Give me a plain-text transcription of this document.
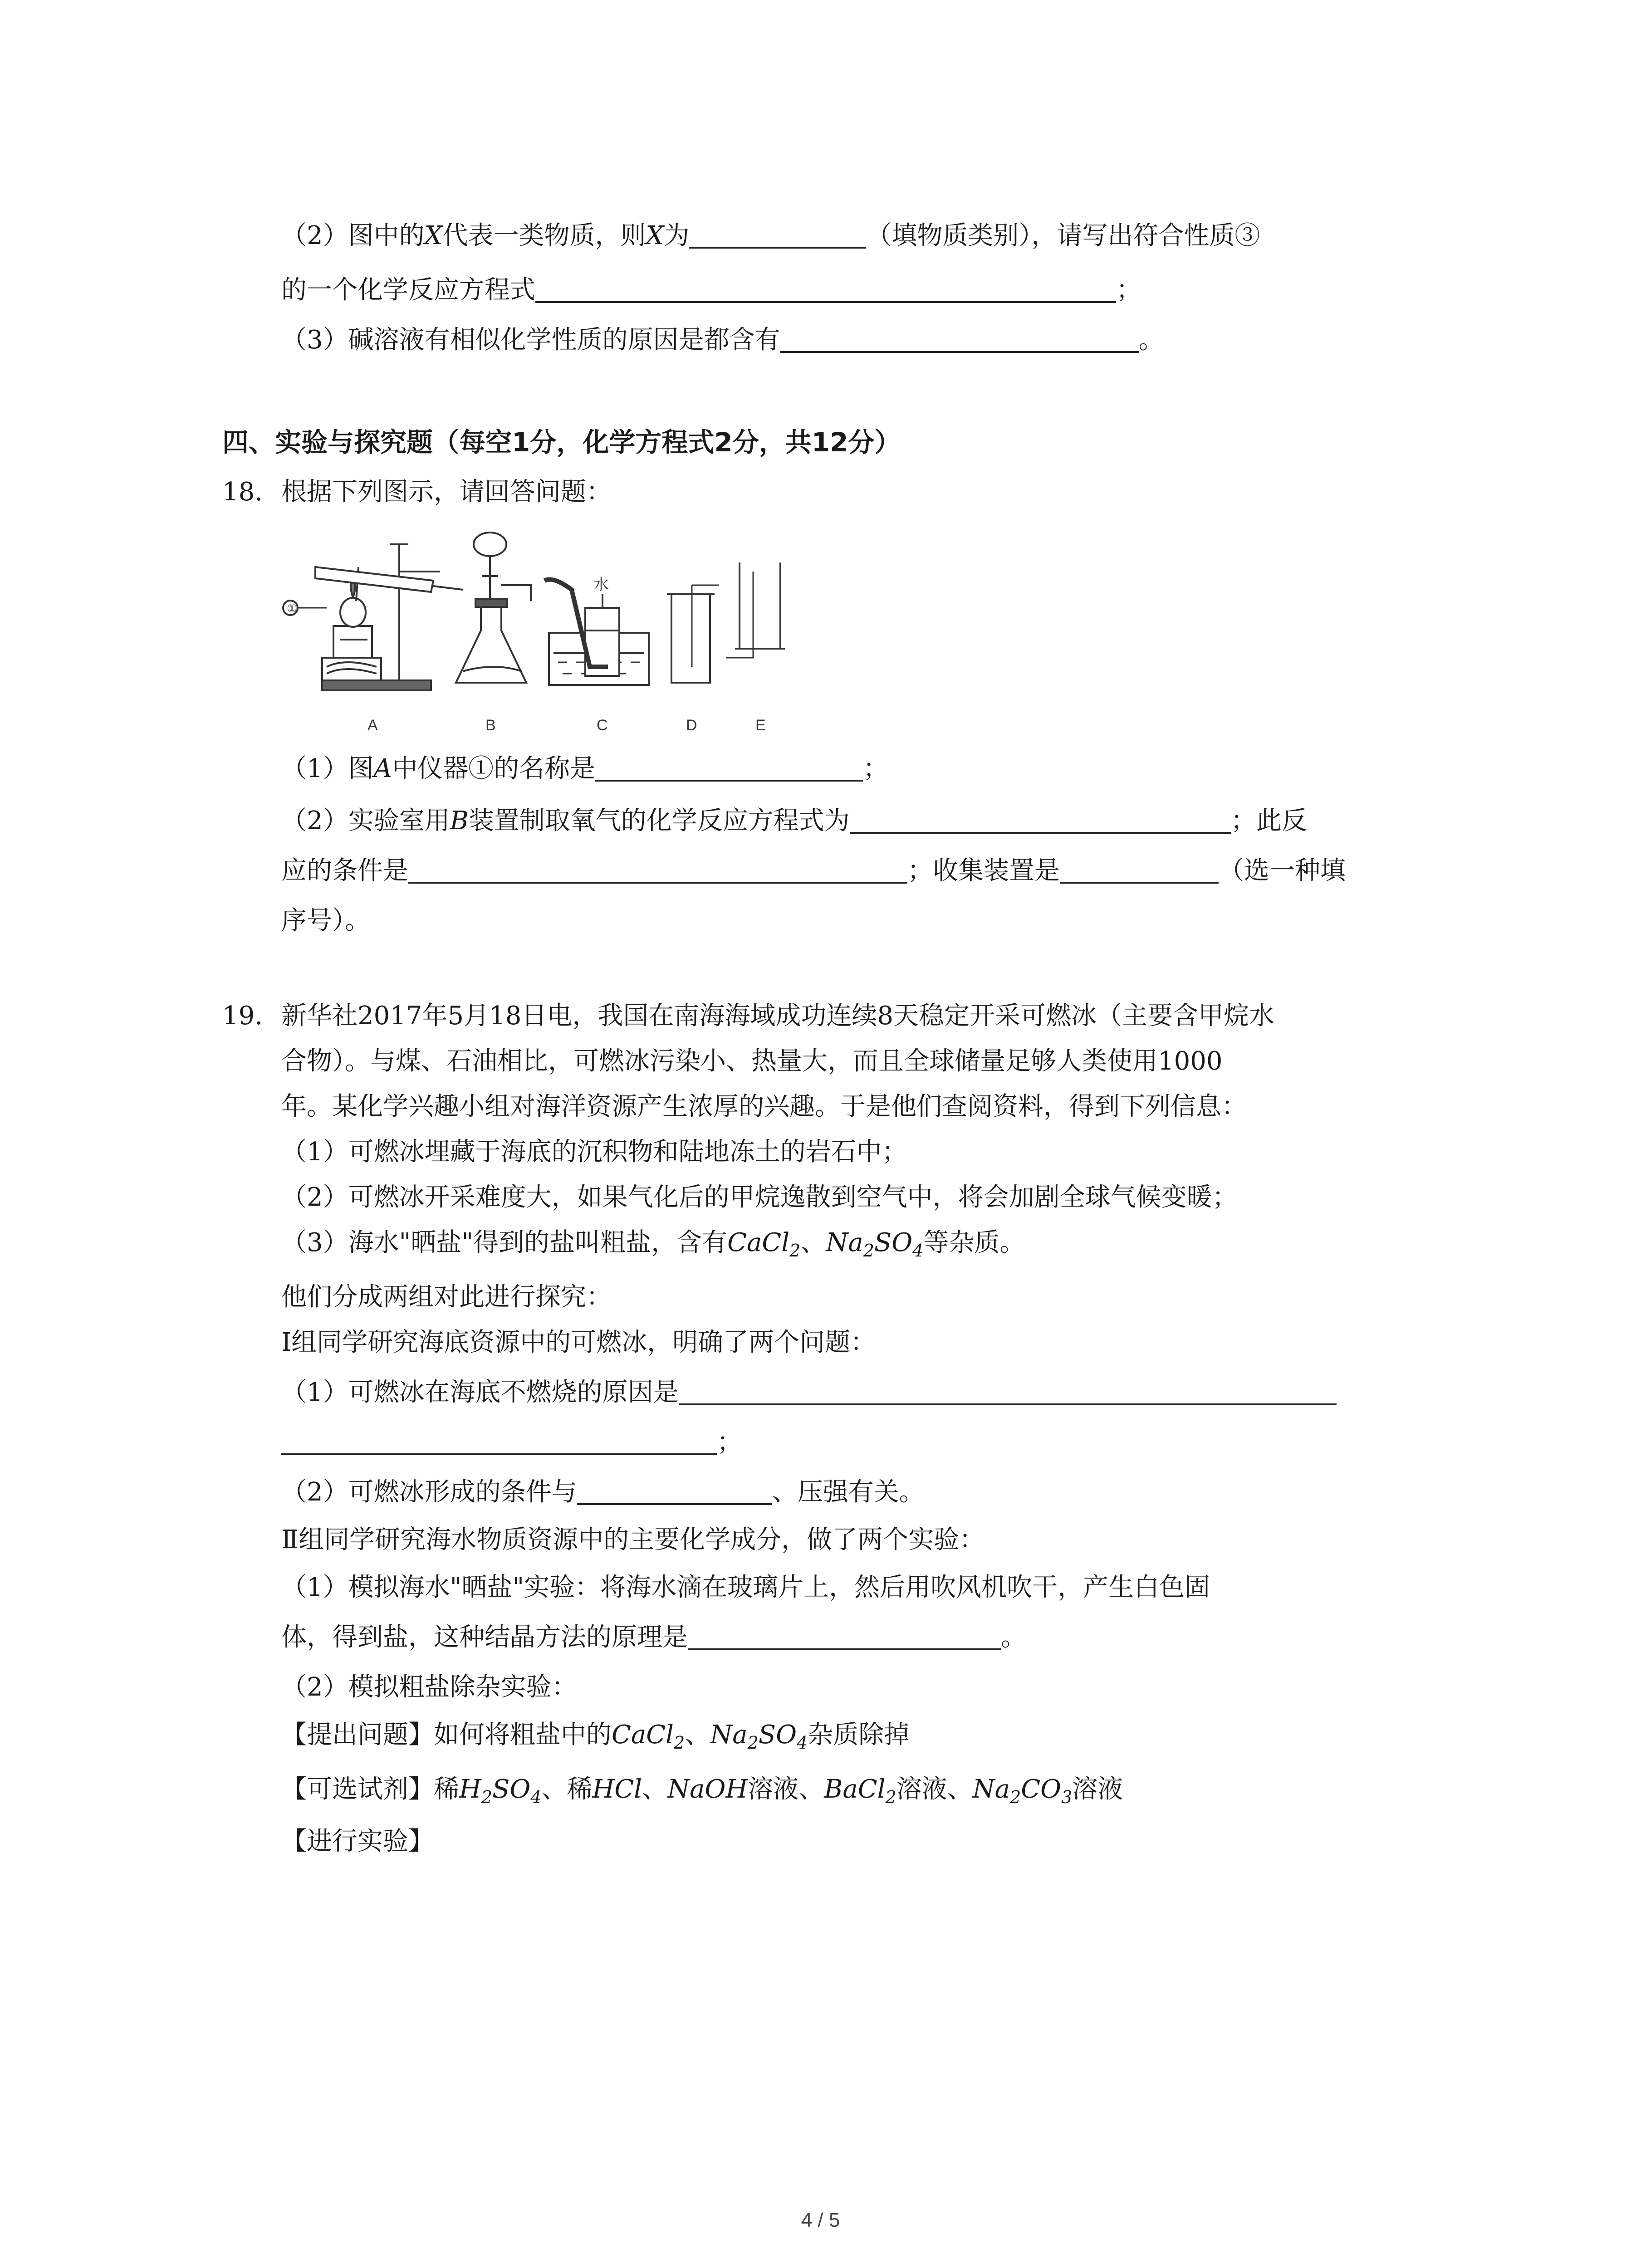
（2）图中的X代表一类物质，则X为	（填物质类别），请写出符合性质③
的一个化学反应方程式	；
（3）碱溶液有相似化学性质的原因是都含有	。
四、实验与探究题（每空1分，化学方程式2分，共12分）
18. 根据下列图示，请回答问题：
①
水
A	B	C	D	E
（1）图A中仪器①的名称是	；
（2）实验室用B装置制取氧气的化学反应方程式为	；此反
应的条件是	；收集装置是	（选一种填
序号）。
19. 新华社2017年5月18日电，我国在南海海域成功连续8天稳定开采可燃冰（主要含甲烷水
合物）。与煤、石油相比，可燃冰污染小、热量大，而且全球储量足够人类使用1000
年。某化学兴趣小组对海洋资源产生浓厚的兴趣。于是他们查阅资料，得到下列信息：
（1）可燃冰埋藏于海底的沉积物和陆地冻土的岩石中；
（2）可燃冰开采难度大，如果气化后的甲烷逸散到空气中，将会加剧全球气候变暖；
（3）海水"晒盐"得到的盐叫粗盐，含有CaCl$_2$、$Na_2SO_4$等杂质。
他们分成两组对此进行探究：
Ⅰ组同学研究海底资源中的可燃冰，明确了两个问题：
（1）可燃冰在海底不燃烧的原因是
；
（2）可燃冰形成的条件与	、压强有关。
Ⅱ组同学研究海水物质资源中的主要化学成分，做了两个实验：
（1）模拟海水"晒盐"实验：将海水滴在玻璃片上，然后用吹风机吹干，产生白色固
体，得到盐，这种结晶方法的原理是	。
（2）模拟粗盐除杂实验：
【提出问题】如何将粗盐中的CaCl$_2$、$Na_2SO_4$杂质除掉
【可选试剂】稀$H_2SO_4$、稀HCl、NaOH溶液、BaCl$_2$溶液、$Na_2CO_3$溶液
【进行实验】
4 / 5
